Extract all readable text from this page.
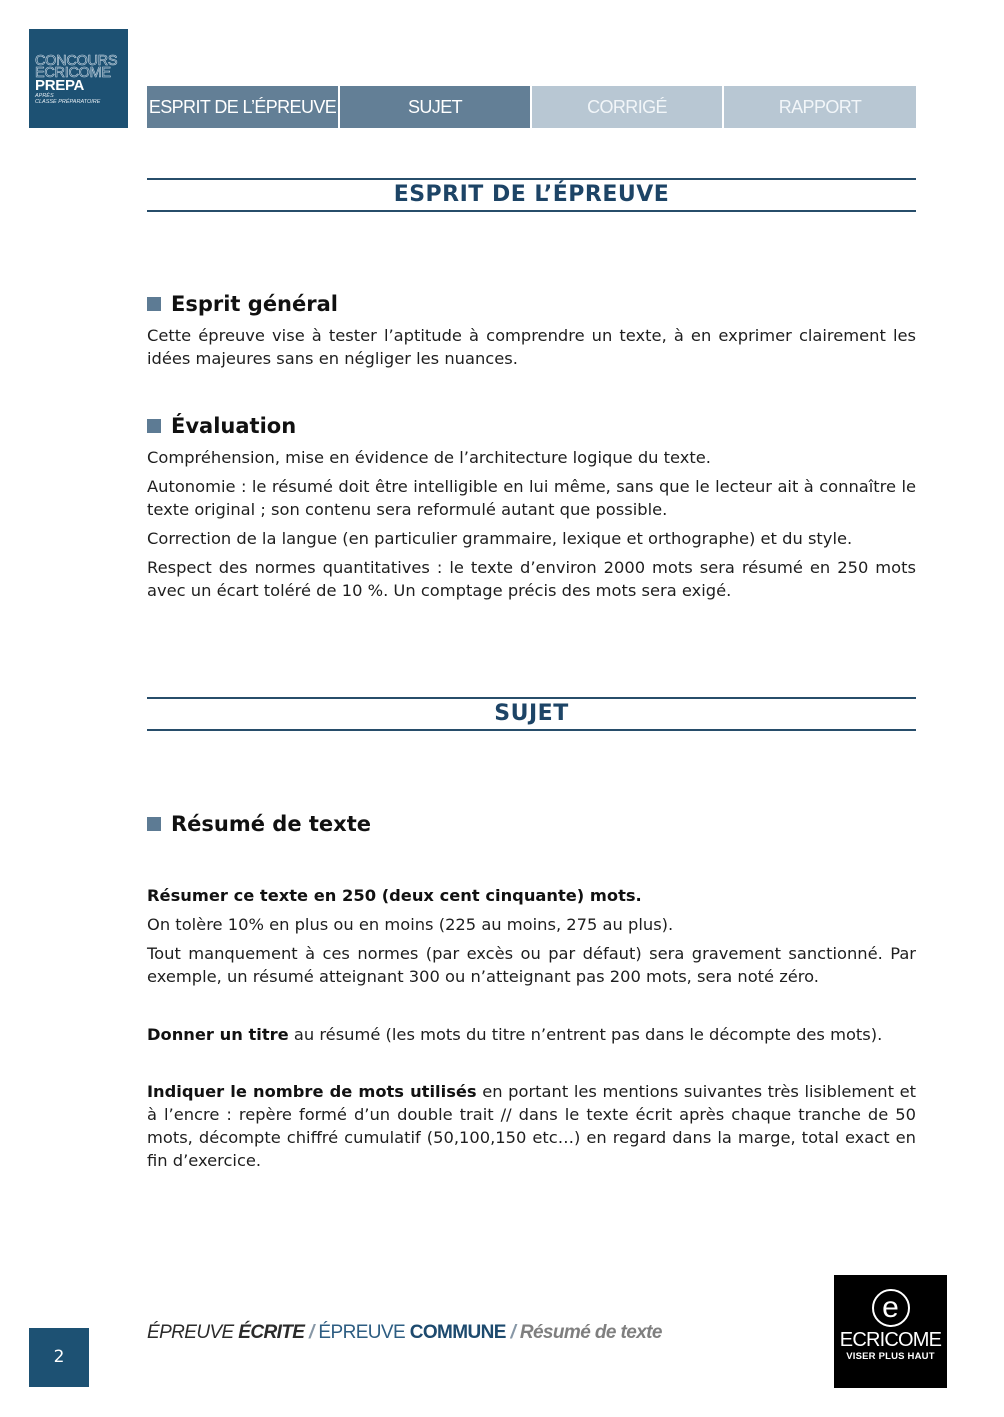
CONCOURS
ECRICOME
PREPA
APRÈS
CLASSE PRÉPARATOIRE	ESPRIT DE L’ÉPREUVE	SUJET	CORRIGÉ	RAPPORT
ESPRIT DE L’ÉPREUVE
Esprit général
Cette épreuve vise à tester l’aptitude à comprendre un texte, à en exprimer clairement les idées majeures sans en négliger les nuances.
Évaluation
Compréhension, mise en évidence de l’architecture logique du texte.
Autonomie : le résumé doit être intelligible en lui même, sans que le lecteur ait à connaître le texte original ; son contenu sera reformulé autant que possible.
Correction de la langue (en particulier grammaire, lexique et orthographe) et du style.
Respect des normes quantitatives : le texte d’environ 2000 mots sera résumé en 250 mots avec un écart toléré de 10 %. Un comptage précis des mots sera exigé.
SUJET
Résumé de texte
Résumer ce texte en 250 (deux cent cinquante) mots.
On tolère 10% en plus ou en moins (225 au moins, 275 au plus).
Tout manquement à ces normes (par excès ou par défaut) sera gravement sanctionné. Par exemple, un résumé atteignant 300 ou n’atteignant pas 200 mots, sera noté zéro.
Donner un titre au résumé (les mots du titre n’entrent pas dans le décompte des mots).
Indiquer le nombre de mots utilisés en portant les mentions suivantes très lisiblement et à l’encre : repère formé d’un double trait // dans le texte écrit après chaque tranche de 50 mots, décompte chiffré cumulatif (50,100,150 etc…) en regard dans la marge, total exact en fin d’exercice.
2
ÉPREUVE ÉCRITE / ÉPREUVE COMMUNE / Résumé de texte
e
ECRICOME
VISER PLUS HAUT
